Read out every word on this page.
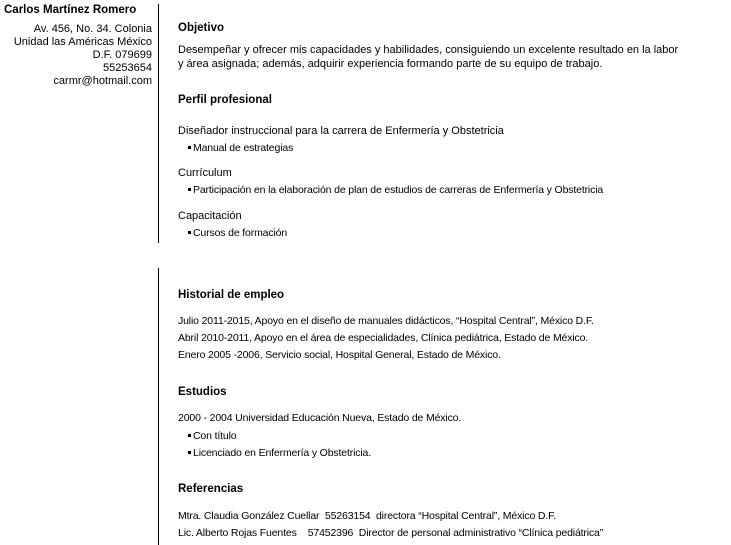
Carlos Martínez Romero
Av. 456, No. 34. Colonia
Unidad las Américas México
D.F. 079699
55253654
carmr@hotmail.com
Objetivo
Desempeñar y ofrecer mis capacidades y habilidades, consiguiendo un excelente resultado en la labor
y área asignada; además, adquirir experiencia formando parte de su equipo de trabajo.
Perfil profesional
Diseñador instruccional para la carrera de Enfermería y Obstetricia
Manual de estrategias
Currículum
Participación en la elaboración de plan de estudios de carreras de Enfermería y Obstetricia
Capacitación
Cursos de formación
Historial de empleo
Julio 2011-2015, Apoyo en el diseño de manuales didácticos, “Hospital Central”, México D.F.
Abril 2010-2011, Apoyo en el área de especialidades, Clínica pediátrica, Estado de México.
Enero 2005 -2006, Servicio social, Hospital General, Estado de México.
Estudios
2000 - 2004 Universidad Educación Nueva, Estado de México.
Con título
Licenciado en Enfermería y Obstetricia.
Referencias
Mtra. Claudia González Cuellar  55263154  directora “Hospital Central”, México D.F.
Lic. Alberto Rojas Fuentes    57452396  Director de personal administrativo “Clínica pediátrica”
